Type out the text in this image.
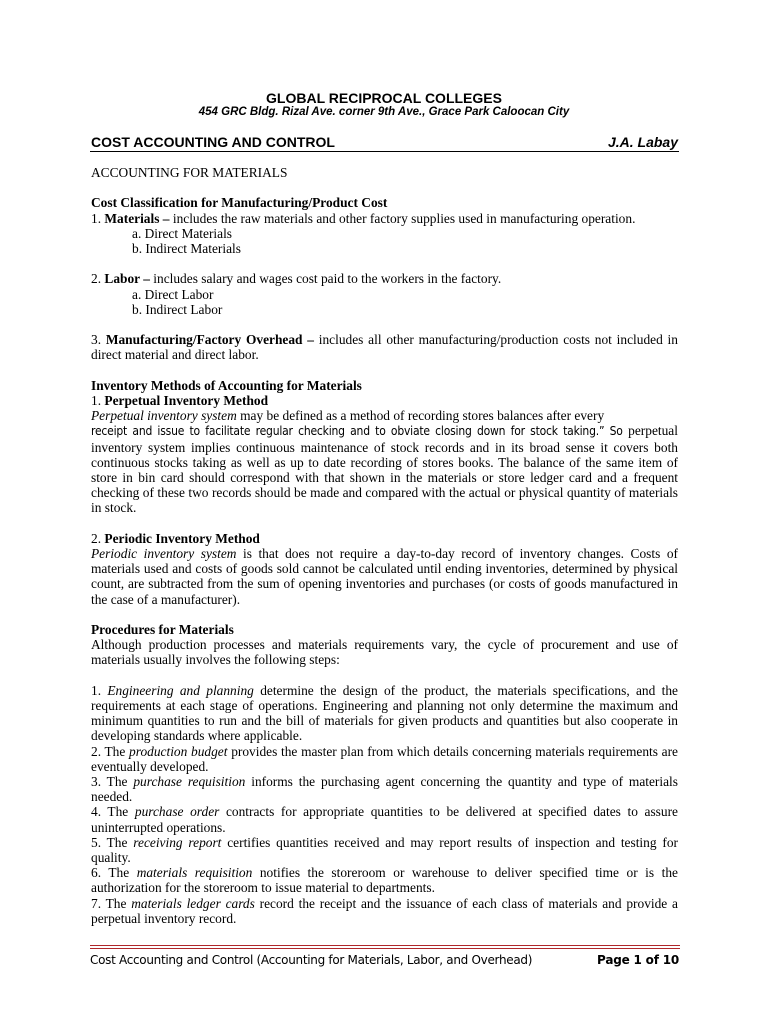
GLOBAL RECIPROCAL COLLEGES
454 GRC Bldg. Rizal Ave. corner 9th Ave., Grace Park Caloocan City
COST ACCOUNTING AND CONTROL	J.A. Labay

ACCOUNTING FOR MATERIALS

Cost Classification for Manufacturing/Product Cost

1. Materials – includes the raw materials and other factory supplies used in manufacturing operation.

a. Direct Materials

b. Indirect Materials

2. Labor – includes salary and wages cost paid to the workers in the factory.

a. Direct Labor

b. Indirect Labor

3. Manufacturing/Factory Overhead – includes all other manufacturing/production costs not included in direct material and direct labor.

Inventory Methods of Accounting for Materials

1. Perpetual Inventory Method

Perpetual inventory system may be defined as a method of recording stores balances after every
receipt and issue to facilitate regular checking and to obviate closing down for stock taking.” So perpetual inventory system implies continuous maintenance of stock records and in its broad sense it covers both continuous stocks taking as well as up to date recording of stores books. The balance of the same item of store in bin card should correspond with that shown in the materials or store ledger card and a frequent checking of these two records should be made and compared with the actual or physical quantity of materials in stock.

2. Periodic Inventory Method

Periodic inventory system is that does not require a day-to-day record of inventory changes. Costs of materials used and costs of goods sold cannot be calculated until ending inventories, determined by physical count, are subtracted from the sum of opening inventories and purchases (or costs of goods manufactured in the case of a manufacturer).

Procedures for Materials

Although production processes and materials requirements vary, the cycle of procurement and use of materials usually involves the following steps:

1. Engineering and planning determine the design of the product, the materials specifications, and the requirements at each stage of operations. Engineering and planning not only determine the maximum and minimum quantities to run and the bill of materials for given products and quantities but also cooperate in developing standards where applicable.

2. The production budget provides the master plan from which details concerning materials requirements are eventually developed.

3. The purchase requisition informs the purchasing agent concerning the quantity and type of materials needed.

4. The purchase order contracts for appropriate quantities to be delivered at specified dates to assure uninterrupted operations.

5. The receiving report certifies quantities received and may report results of inspection and testing for quality.

6. The materials requisition notifies the storeroom or warehouse to deliver specified time or is the authorization for the storeroom to issue material to departments.

7. The materials ledger cards record the receipt and the issuance of each class of materials and provide a perpetual inventory record.

Cost Accounting and Control (Accounting for Materials, Labor, and Overhead)	Page 1 of 10
